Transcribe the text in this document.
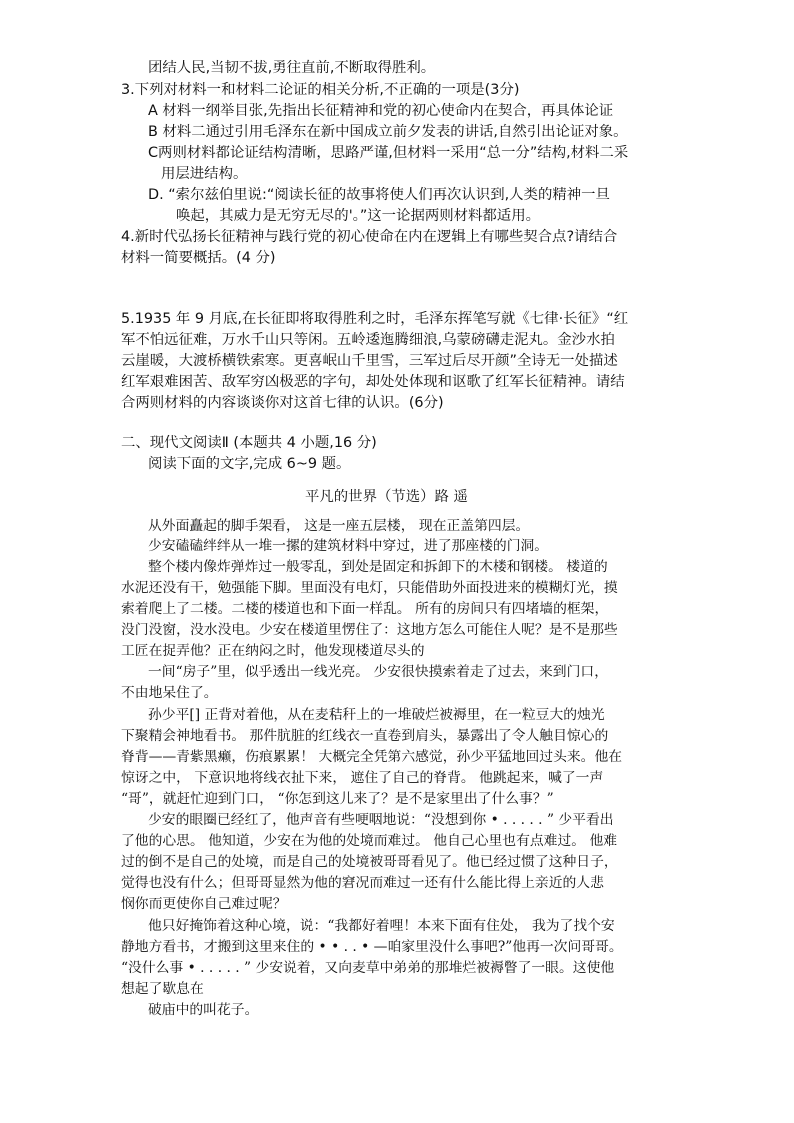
团结人民,当韧不拔,勇往直前,不断取得胜利。
3.下列对材料一和材料二论证的相关分析,不正确的一项是(3分)
A 材料一纲举目张,先指出长征精神和党的初心使命内在契合，再具体论证
B 材料二通过引用毛泽东在新中国成立前夕发表的讲话,自然引出论证对象。
C两则材料都论证结构清晰，思路严谨,但材料一采用“总一分”结构,材料二采
用层进结构。
D. “索尔兹伯里说:“阅读长征的故事将使人们再次认识到,人类的精神一旦
唤起，其威力是无穷无尽的'。”这一论据两则材料都适用。
4.新时代弘扬长征精神与践行党的初心使命在内在逻辑上有哪些契合点?请结合
材料一简要概括。(4 分)
5.1935 年 9 月底,在长征即将取得胜利之时，毛泽东挥笔写就《七律·长征》“红
军不怕远征难，万水千山只等闲。五岭逶迤腾细浪,乌蒙磅礴走泥丸。金沙水拍
云崖暖，大渡桥横铁索寒。更喜岷山千里雪，三军过后尽开颜”全诗无一处描述
红军艰难困苦、敌军穷凶极恶的字句，却处处体现和讴歌了红军长征精神。请结
合两则材料的内容谈谈你对这首七律的认识。(6分)
二、现代文阅读Ⅱ (本题共 4 小题,16 分)
阅读下面的文字,完成 6~9 题。
平凡的世界（节选）路 遥
从外面矗起的脚手架看， 这是一座五层楼， 现在正盖第四层。
少安磕磕绊绊从一堆一摞的建筑材料中穿过，进了那座楼的门洞。
整个楼内像炸弹炸过一般零乱，到处是固定和拆卸下的木楼和钢楼。 楼道的
水泥还没有干，勉强能下脚。里面没有电灯，只能借助外面投进来的模糊灯光，摸
索着爬上了二楼。二楼的楼道也和下面一样乱。 所有的房间只有四堵墙的框架，
没门没窗，没水没电。少安在楼道里愣住了：这地方怎么可能住人呢？是不是那些
工匠在捉弄他？正在纳闷之时，他发现楼道尽头的
一间“房子”里，似乎透出一线光亮。 少安很快摸索着走了过去，来到门口，
不由地呆住了。
孙少平[] 正背对着他，从在麦秸秆上的一堆破烂被褥里，在一粒豆大的烛光
下聚精会神地看书。 那件肮脏的红线衣一直卷到肩头，暴露出了令人触目惊心的
脊背——青紫黑癞，伤痕累累！ 大概完全凭第六感觉，孙少平猛地回过头来。他在
惊讶之中， 下意识地将线衣扯下来， 遮住了自己的脊背。 他跳起来，喊了一声
“哥”，就赶忙迎到门口， “你怎到这儿来了？是不是家里出了什么事？”
少安的眼圈已经红了，他声音有些哽咽地说：“没想到你 • . . . . . ” 少平看出
了他的心思。 他知道，少安在为他的处境而难过。 他自己心里也有点难过。 他难
过的倒不是自己的处境，而是自己的处境被哥哥看见了。他已经过惯了这种日子，
觉得也没有什么；但哥哥显然为他的窘况而难过一还有什么能比得上亲近的人悲
悯你而更使你自己难过呢？
他只好掩饰着这种心境，说：“我都好着哩！本来下面有住处， 我为了找个安
静地方看书，才搬到这里来住的 • • . . • —咱家里没什么事吧?”他再一次问哥哥。
“没什么事 • . . . . . ” 少安说着，又向麦草中弟弟的那堆烂被褥瞥了一眼。这使他
想起了歇息在
破庙中的叫花子。
